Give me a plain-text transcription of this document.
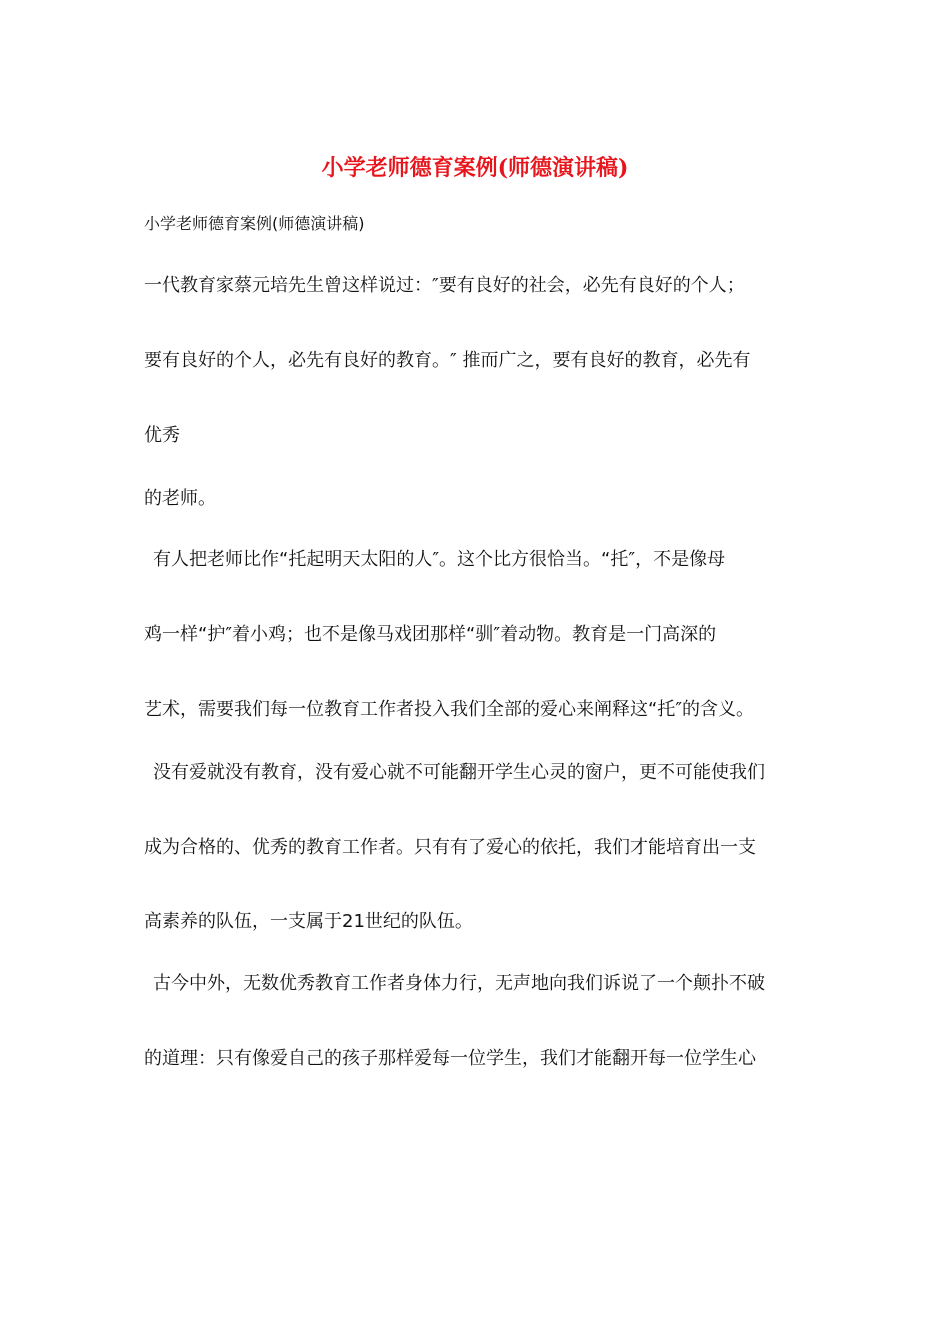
小学老师德育案例(师德演讲稿)

小学老师德育案例(师德演讲稿)

一代教育家蔡元培先生曾这样说过：″要有良好的社会，必先有良好的个人；

要有良好的个人，必先有良好的教育。″ 推而广之，要有良好的教育，必先有

优秀

的老师。

有人把老师比作“托起明天太阳的人″。这个比方很恰当。“托″，不是像母

鸡一样“护″着小鸡；也不是像马戏团那样“驯″着动物。教育是一门高深的

艺术，需要我们每一位教育工作者投入我们全部的爱心来阐释这“托″的含义。

没有爱就没有教育，没有爱心就不可能翻开学生心灵的窗户，更不可能使我们

成为合格的、优秀的教育工作者。只有有了爱心的依托，我们才能培育出一支

高素养的队伍，一支属于21世纪的队伍。

古今中外，无数优秀教育工作者身体力行，无声地向我们诉说了一个颠扑不破

的道理：只有像爱自己的孩子那样爱每一位学生，我们才能翻开每一位学生心
